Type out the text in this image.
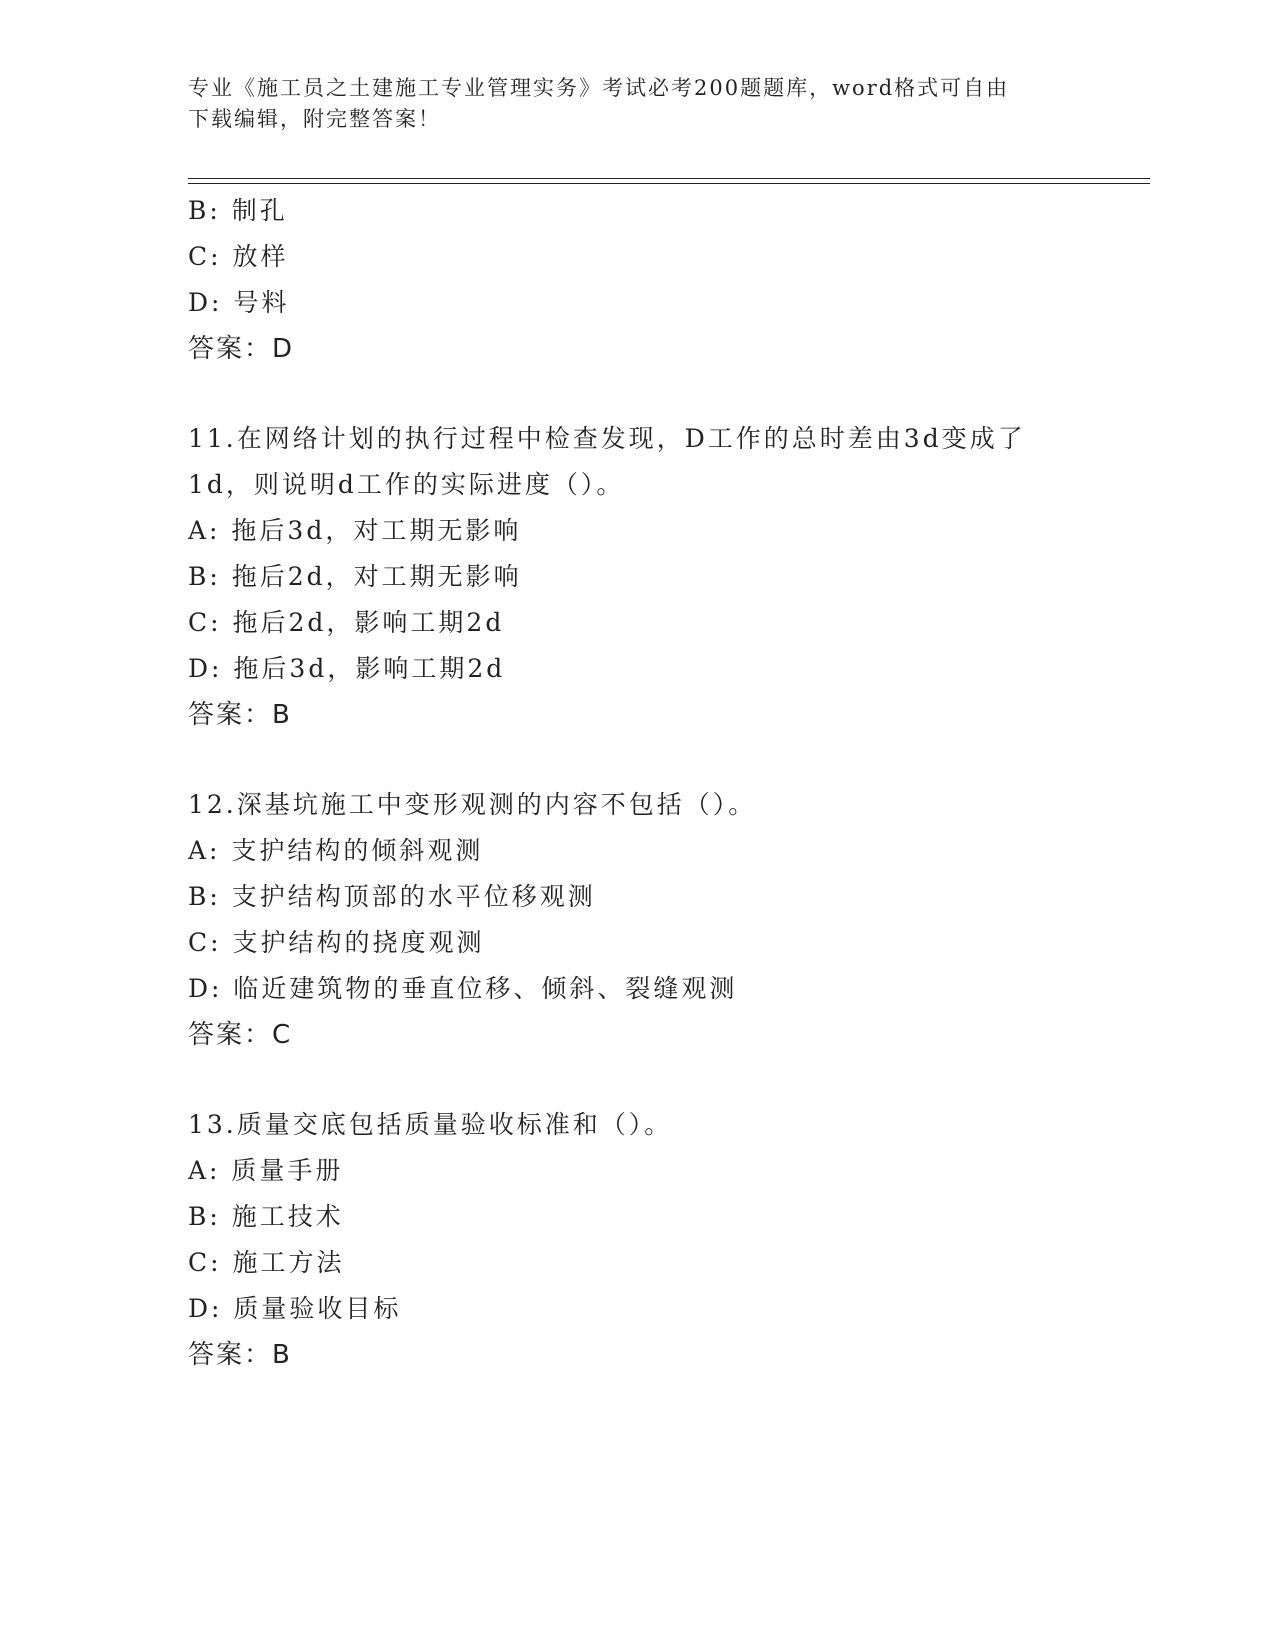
专业《施工员之土建施工专业管理实务》考试必考200题题库，word格式可自由
下载编辑，附完整答案！
B: 制孔
C: 放样
D: 号料
答案：D
11.在网络计划的执行过程中检查发现，D工作的总时差由3d变成了
1d，则说明d工作的实际进度（）。
A: 拖后3d，对工期无影响
B: 拖后2d，对工期无影响
C: 拖后2d，影响工期2d
D: 拖后3d，影响工期2d
答案：B
12.深基坑施工中变形观测的内容不包括（）。
A: 支护结构的倾斜观测
B: 支护结构顶部的水平位移观测
C: 支护结构的挠度观测
D: 临近建筑物的垂直位移、倾斜、裂缝观测
答案：C
13.质量交底包括质量验收标准和（）。
A: 质量手册
B: 施工技术
C: 施工方法
D: 质量验收目标
答案：B
